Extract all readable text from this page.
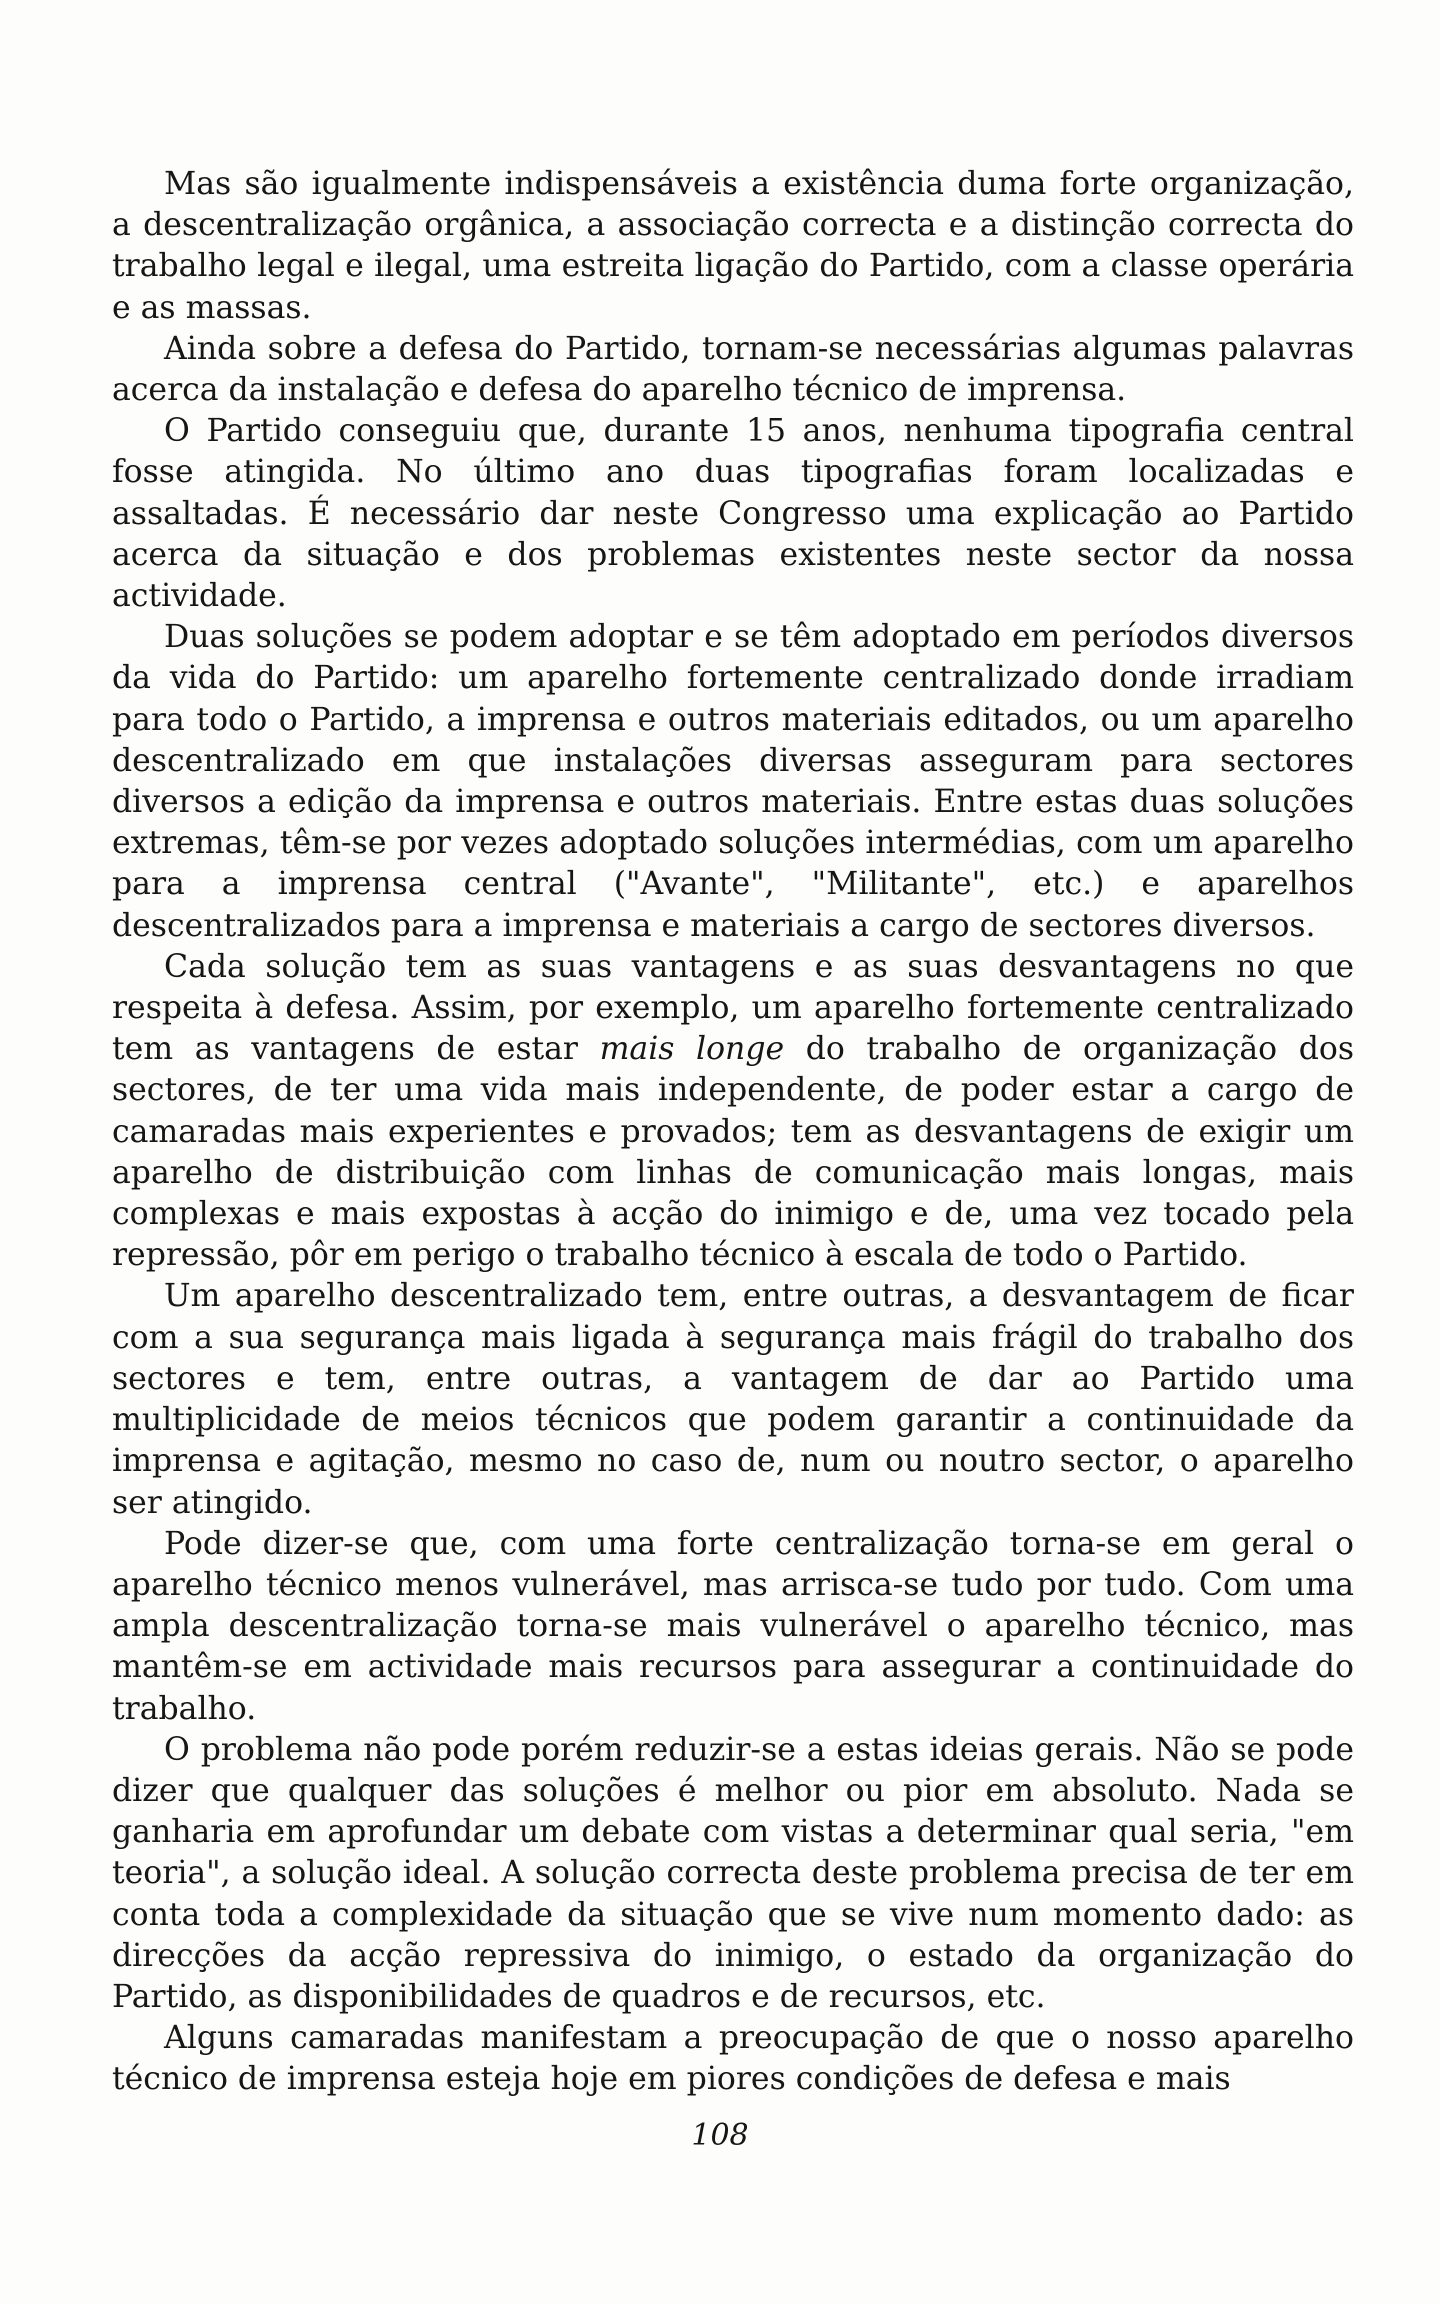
Mas são igualmente indispensáveis a existência duma forte organização, a descentralização orgânica, a associação correcta e a distinção correcta do trabalho legal e ilegal, uma estreita ligação do Partido, com a classe operária e as massas.

Ainda sobre a defesa do Partido, tornam-se necessárias algumas palavras acerca da instalação e defesa do aparelho técnico de imprensa.

O Partido conseguiu que, durante 15 anos, nenhuma tipografia central fosse atingida. No último ano duas tipografias foram localizadas e assaltadas. É necessário dar neste Congresso uma explicação ao Partido acerca da situação e dos problemas existentes neste sector da nossa actividade.

Duas soluções se podem adoptar e se têm adoptado em períodos diversos da vida do Partido: um aparelho fortemente centralizado donde irradiam para todo o Partido, a imprensa e outros materiais editados, ou um aparelho descentralizado em que instalações diversas asseguram para sectores diversos a edição da imprensa e outros materiais. Entre estas duas soluções extremas, têm-se por vezes adoptado soluções intermédias, com um aparelho para a imprensa central ("Avante", "Militante", etc.) e aparelhos descentralizados para a imprensa e materiais a cargo de sectores diversos.

Cada solução tem as suas vantagens e as suas desvantagens no que respeita à defesa. Assim, por exemplo, um aparelho fortemente centralizado tem as vantagens de estar mais longe do trabalho de organização dos sectores, de ter uma vida mais independente, de poder estar a cargo de camaradas mais experientes e provados; tem as desvantagens de exigir um aparelho de distribuição com linhas de comunicação mais longas, mais complexas e mais expostas à acção do inimigo e de, uma vez tocado pela repressão, pôr em perigo o trabalho técnico à escala de todo o Partido.

Um aparelho descentralizado tem, entre outras, a desvantagem de ficar com a sua segurança mais ligada à segurança mais frágil do trabalho dos sectores e tem, entre outras, a vantagem de dar ao Partido uma multiplicidade de meios técnicos que podem garantir a continuidade da imprensa e agitação, mesmo no caso de, num ou noutro sector, o aparelho ser atingido.

Pode dizer-se que, com uma forte centralização torna-se em geral o aparelho técnico menos vulnerável, mas arrisca-se tudo por tudo. Com uma ampla descentralização torna-se mais vulnerável o aparelho técnico, mas mantêm-se em actividade mais recursos para assegurar a continuidade do trabalho.

O problema não pode porém reduzir-se a estas ideias gerais. Não se pode dizer que qualquer das soluções é melhor ou pior em absoluto. Nada se ganharia em aprofundar um debate com vistas a determinar qual seria, "em teoria", a solução ideal. A solução correcta deste problema precisa de ter em conta toda a complexidade da situação que se vive num momento dado: as direcções da acção repressiva do inimigo, o estado da organização do Partido, as disponibilidades de quadros e de recursos, etc.

Alguns camaradas manifestam a preocupação de que o nosso aparelho técnico de imprensa esteja hoje em piores condições de defesa e mais

108
